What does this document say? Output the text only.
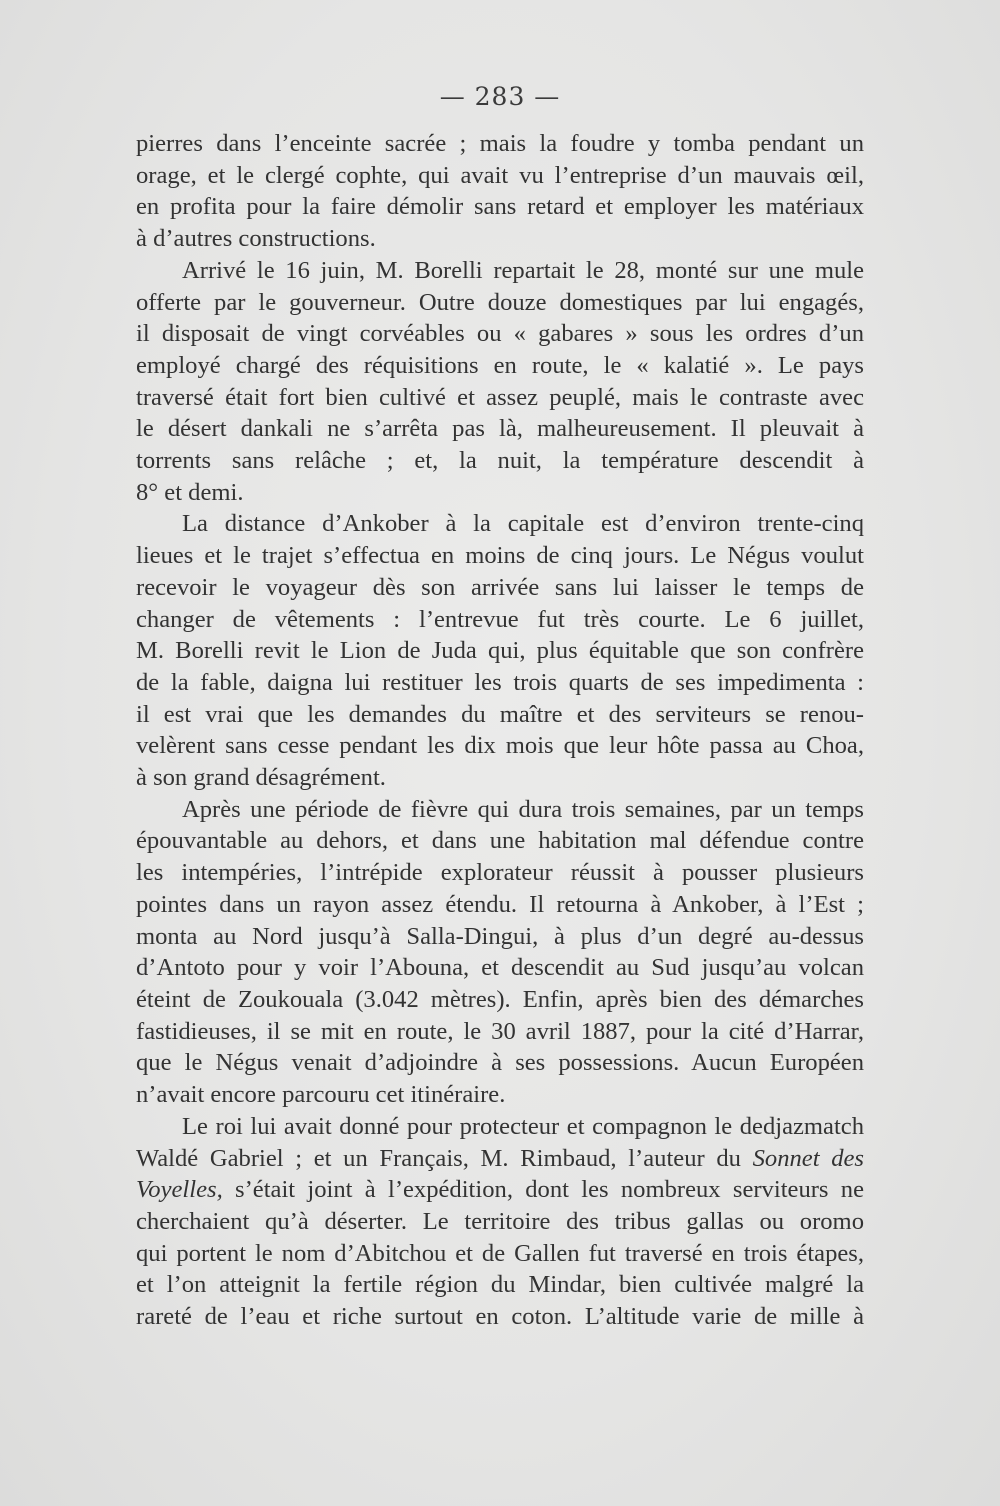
— 283 —
pierres dans l’enceinte sacrée ; mais la foudre y tomba pendant un
orage, et le clergé cophte, qui avait vu l’entreprise d’un mauvais œil,
en profita pour la faire démolir sans retard et employer les matériaux
à d’autres constructions.
Arrivé le 16 juin, M. Borelli repartait le 28, monté sur une mule
offerte par le gouverneur. Outre douze domestiques par lui engagés,
il disposait de vingt corvéables ou « gabares » sous les ordres d’un
employé chargé des réquisitions en route, le « kalatié ». Le pays
traversé était fort bien cultivé et assez peuplé, mais le contraste avec
le désert dankali ne s’arrêta pas là, malheureusement. Il pleuvait à
torrents sans relâche ; et, la nuit, la température descendit à
8° et demi.
La distance d’Ankober à la capitale est d’environ trente-cinq
lieues et le trajet s’effectua en moins de cinq jours. Le Négus voulut
recevoir le voyageur dès son arrivée sans lui laisser le temps de
changer de vêtements : l’entrevue fut très courte. Le 6 juillet,
M. Borelli revit le Lion de Juda qui, plus équitable que son confrère
de la fable, daigna lui restituer les trois quarts de ses impedimenta :
il est vrai que les demandes du maître et des serviteurs se renou-
velèrent sans cesse pendant les dix mois que leur hôte passa au Choa,
à son grand désagrément.
Après une période de fièvre qui dura trois semaines, par un temps
épouvantable au dehors, et dans une habitation mal défendue contre
les intempéries, l’intrépide explorateur réussit à pousser plusieurs
pointes dans un rayon assez étendu. Il retourna à Ankober, à l’Est ;
monta au Nord jusqu’à Salla-Dingui, à plus d’un degré au-dessus
d’Antoto pour y voir l’Abouna, et descendit au Sud jusqu’au volcan
éteint de Zoukouala (3.042 mètres). Enfin, après bien des démarches
fastidieuses, il se mit en route, le 30 avril 1887, pour la cité d’Harrar,
que le Négus venait d’adjoindre à ses possessions. Aucun Européen
n’avait encore parcouru cet itinéraire.
Le roi lui avait donné pour protecteur et compagnon le dedjazmatch
Waldé Gabriel ; et un Français, M. Rimbaud, l’auteur du Sonnet des
Voyelles, s’était joint à l’expédition, dont les nombreux serviteurs ne
cherchaient qu’à déserter. Le territoire des tribus gallas ou oromo
qui portent le nom d’Abitchou et de Gallen fut traversé en trois étapes,
et l’on atteignit la fertile région du Mindar, bien cultivée malgré la
rareté de l’eau et riche surtout en coton. L’altitude varie de mille à
